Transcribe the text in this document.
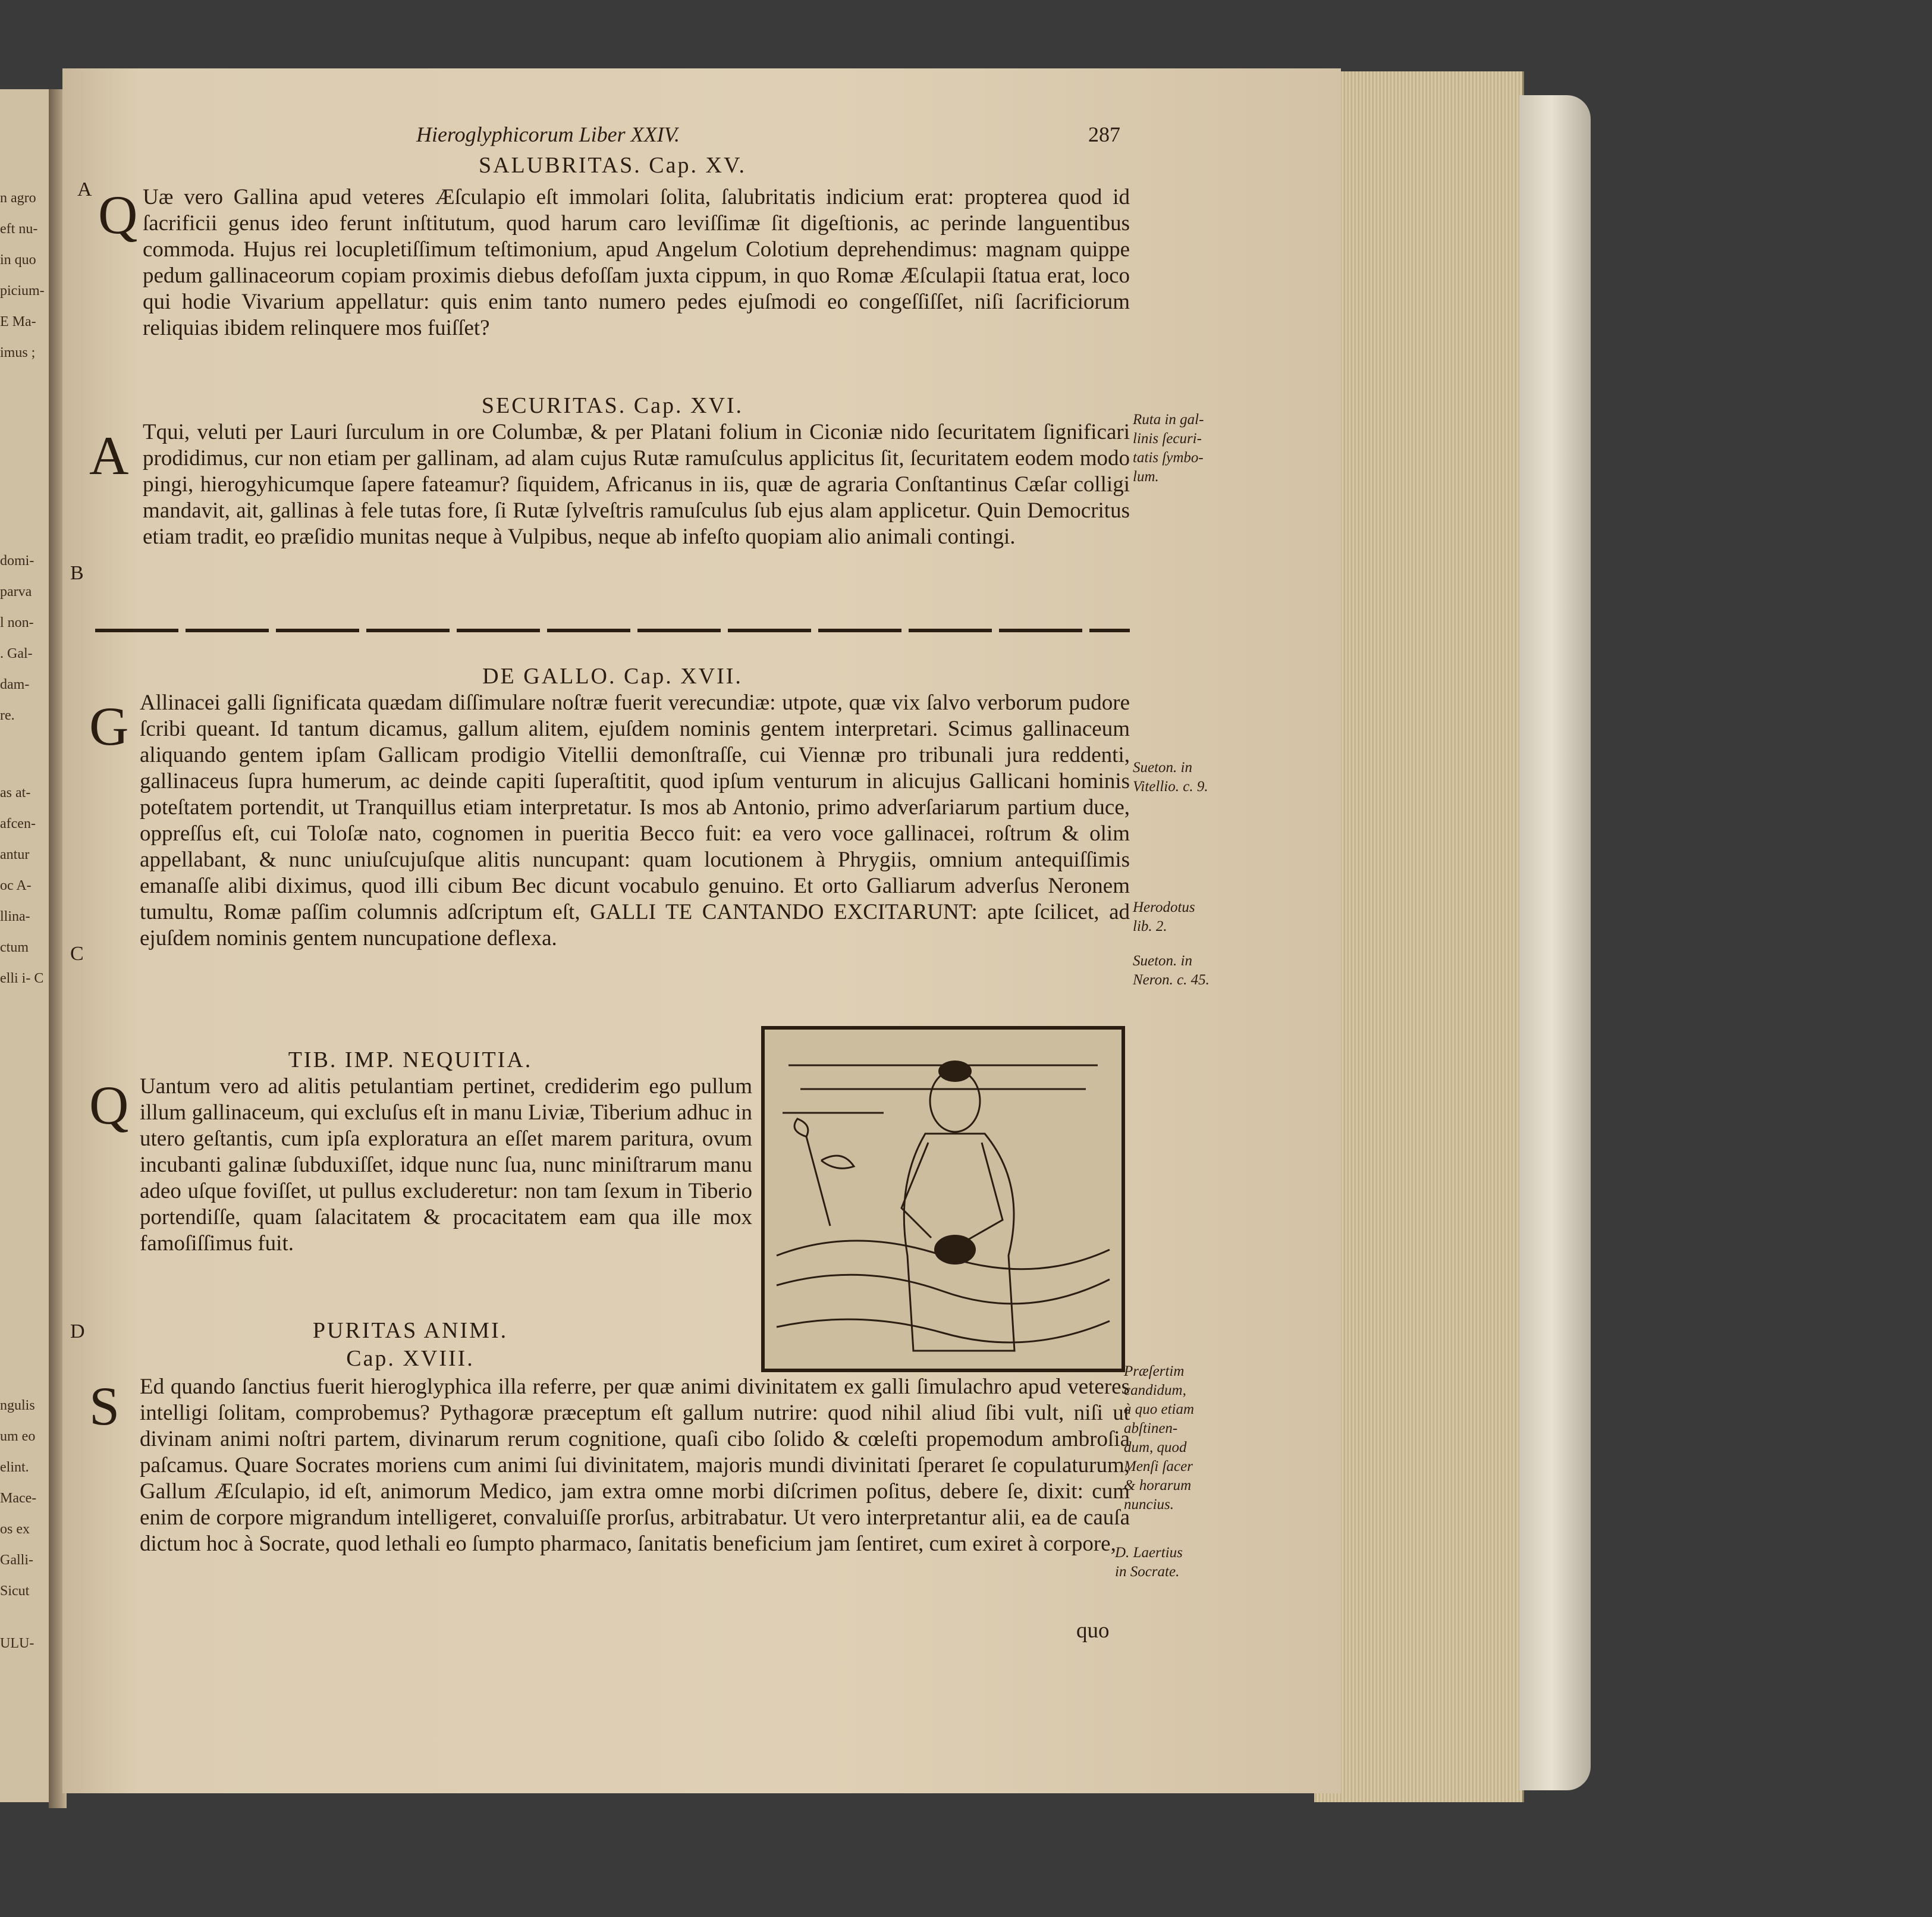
n agro
eft nu-
in quo
picium-
E Ma-
imus ;
domi-
parva
l non-
. Gal-
dam-
re.
as at-
afcen-
antur
oc A-
llina-
ctum
elli i- C
ngulis
um eo
elint.
Mace-
os ex
Galli-
Sicut
ULU-
Hieroglyphicorum Liber XXIV.	287
A
B
C
D
SALUBRITAS. Cap. XV.
Q Uæ vero Gallina apud veteres Æſculapio eſt immolari ſolita, ſalubritatis indicium erat: propterea quod id ſacrificii genus ideo ferunt inſtitutum, quod harum caro leviſſimæ ſit digeſtionis, ac perinde languentibus commoda. Hujus rei locupletiſſimum teſtimonium, apud Angelum Colotium deprehendimus: magnam quippe pedum gallinaceorum copiam proximis diebus defoſſam juxta cippum, in quo Romæ Æſculapii ſtatua erat, loco qui hodie Vivarium appellatur: quis enim tanto numero pedes ejuſmodi eo congeſſiſſet, niſi ſacrificiorum reliquias ibidem relinquere mos fuiſſet?
SECURITAS. Cap. XVI.
A Tqui, veluti per Lauri ſurculum in ore Columbæ, & per Platani folium in Ciconiæ nido ſecuritatem ſignificari prodidimus, cur non etiam per gallinam, ad alam cujus Rutæ ramuſculus applicitus ſit, ſecuritatem eodem modo pingi, hierogyhicumque ſapere fateamur? ſiquidem, Africanus in iis, quæ de agraria Conſtantinus Cæſar colligi mandavit, ait, gallinas à fele tutas fore, ſi Rutæ ſylveſtris ramuſculus ſub ejus alam applicetur. Quin Democritus etiam tradit, eo præſidio munitas neque à Vulpibus, neque ab infeſto quopiam alio animali contingi.
Ruta in gal-
linis ſecuri-
tatis ſymbo-
lum.
DE GALLO. Cap. XVII.
G Allinacei galli ſignificata quædam diſſimulare noſtræ fuerit verecundiæ: utpote, quæ vix ſalvo verborum pudore ſcribi queant. Id tantum dicamus, gallum alitem, ejuſdem nominis gentem interpretari. Scimus gallinaceum aliquando gentem ipſam Gallicam prodigio Vitellii demonſtraſſe, cui Viennæ pro tribunali jura reddenti, gallinaceus ſupra humerum, ac deinde capiti ſuperaſtitit, quod ipſum venturum in alicujus Gallicani hominis poteſtatem portendit, ut Tranquillus etiam interpretatur. Is mos ab Antonio, primo adverſariarum partium duce, oppreſſus eſt, cui Toloſæ nato, cognomen in pueritia Becco fuit: ea vero voce gallinacei, roſtrum & olim appellabant, & nunc uniuſcujuſque alitis nuncupant: quam locutionem à Phrygiis, omnium antequiſſimis emanaſſe alibi diximus, quod illi cibum Bec dicunt vocabulo genuino. Et orto Galliarum adverſus Neronem tumultu, Romæ paſſim columnis adſcriptum eſt, GALLI TE CANTANDO EXCITARUNT: apte ſcilicet, ad ejuſdem nominis gentem nuncupatione deflexa.
Sueton. in
Vitellio. c. 9.
Herodotus
lib. 2.
Sueton. in
Neron. c. 45.
TIB. IMP. NEQUITIA.
Q Uantum vero ad alitis petulantiam pertinet, crediderim ego pullum illum gallinaceum, qui excluſus eſt in manu Liviæ, Tiberium adhuc in utero geſtantis, cum ipſa exploratura an eſſet marem paritura, ovum incubanti galinæ ſubduxiſſet, idque nunc ſua, nunc miniſtrarum manu adeo uſque foviſſet, ut pullus excluderetur: non tam ſexum in Tiberio portendiſſe, quam ſalacitatem & procacitatem eam qua ille mox famoſiſſimus fuit.
PURITAS ANIMI.
Cap. XVIII.
S Ed quando ſanctius fuerit hieroglyphica illa referre, per quæ animi divinitatem ex galli ſimulachro apud veteres intelligi ſolitam, comprobemus? Pythagoræ præceptum eſt gallum nutrire: quod nihil aliud ſibi vult, niſi ut divinam animi noſtri partem, divinarum rerum cognitione, quaſi cibo ſolido & cœleſti propemodum ambroſia paſcamus. Quare Socrates moriens cum animi ſui divinitatem, majoris mundi divinitati ſperaret ſe copulaturum, Gallum Æſculapio, id eſt, animorum Medico, jam extra omne morbi diſcrimen poſitus, debere ſe, dixit: cum enim de corpore migrandum intelligeret, convaluiſſe prorſus, arbitrabatur. Ut vero interpretantur alii, ea de cauſa dictum hoc à Socrate, quod lethali eo ſumpto pharmaco, ſanitatis beneficium jam ſentiret, cum exiret à corpore,
Præſertim
candidum,
à quo etiam
abſtinen-
dum, quod
Menſi ſacer
& horarum
nuncius.
D. Laertius
in Socrate.
quo
